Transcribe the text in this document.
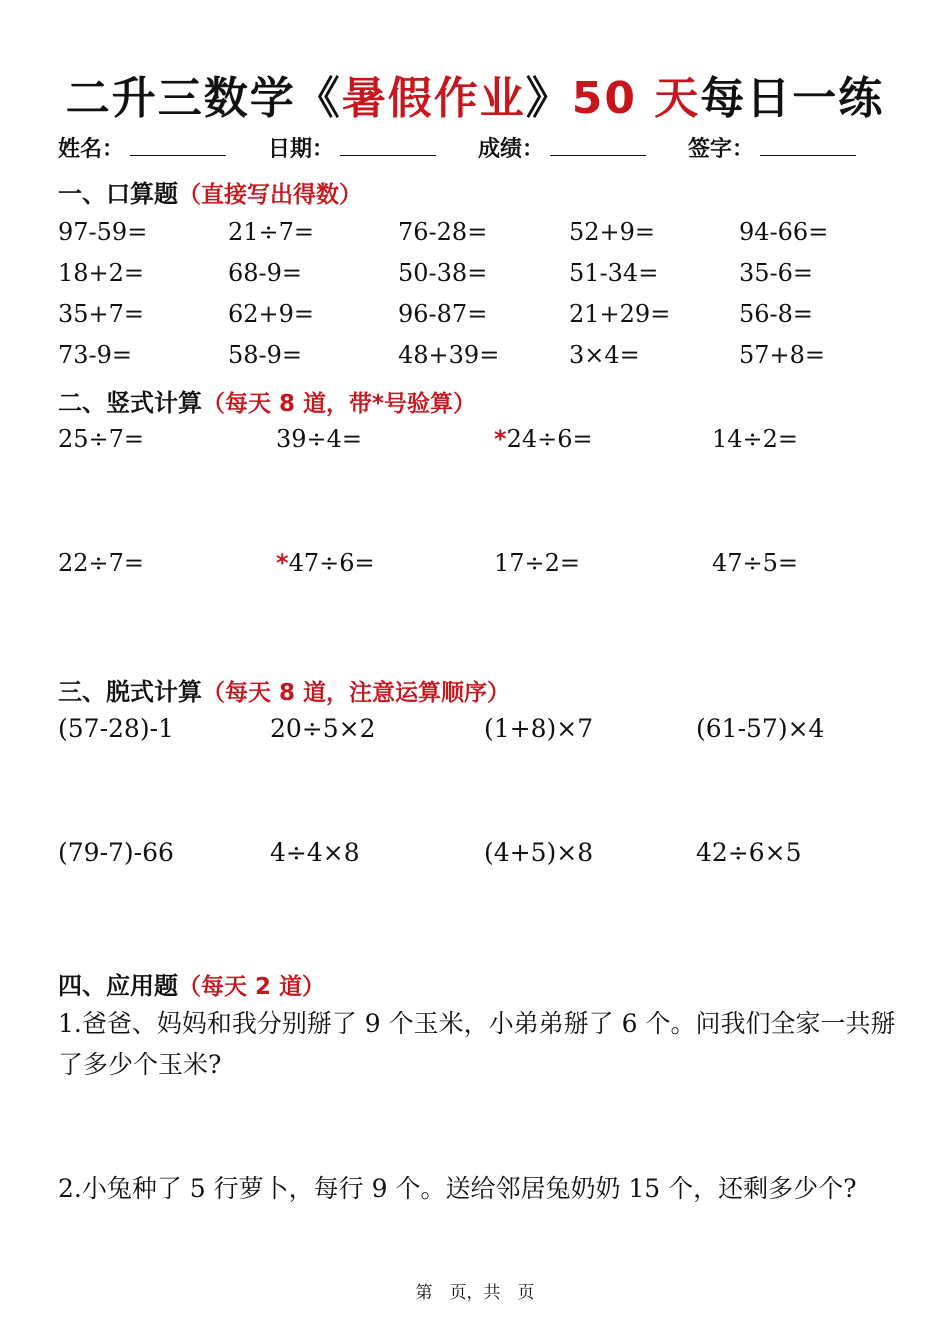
二升三数学《暑假作业》50 天每日一练
姓名：	日期：	成绩：	签字：
一、口算题（直接写出得数）
97-59=	21÷7=	76-28=	52+9=	94-66=
18+2=	68-9=	50-38=	51-34=	35-6=
35+7=	62+9=	96-87=	21+29=	56-8=
73-9=	58-9=	48+39=	3×4=	57+8=
二、竖式计算（每天 8 道，带*号验算）
25÷7=	39÷4=	*24÷6=	14÷2=
22÷7=	*47÷6=	17÷2=	47÷5=
三、脱式计算（每天 8 道，注意运算顺序）
(57-28)-1	20÷5×2	(1+8)×7	(61-57)×4
(79-7)-66	4÷4×8	(4+5)×8	42÷6×5
四、应用题（每天 2 道）
1.爸爸、妈妈和我分别掰了 9 个玉米，小弟弟掰了 6 个。问我们全家一共掰了多少个玉米?
2.小兔种了 5 行萝卜，每行 9 个。送给邻居兔奶奶 15 个，还剩多少个?
第　页，共　页
